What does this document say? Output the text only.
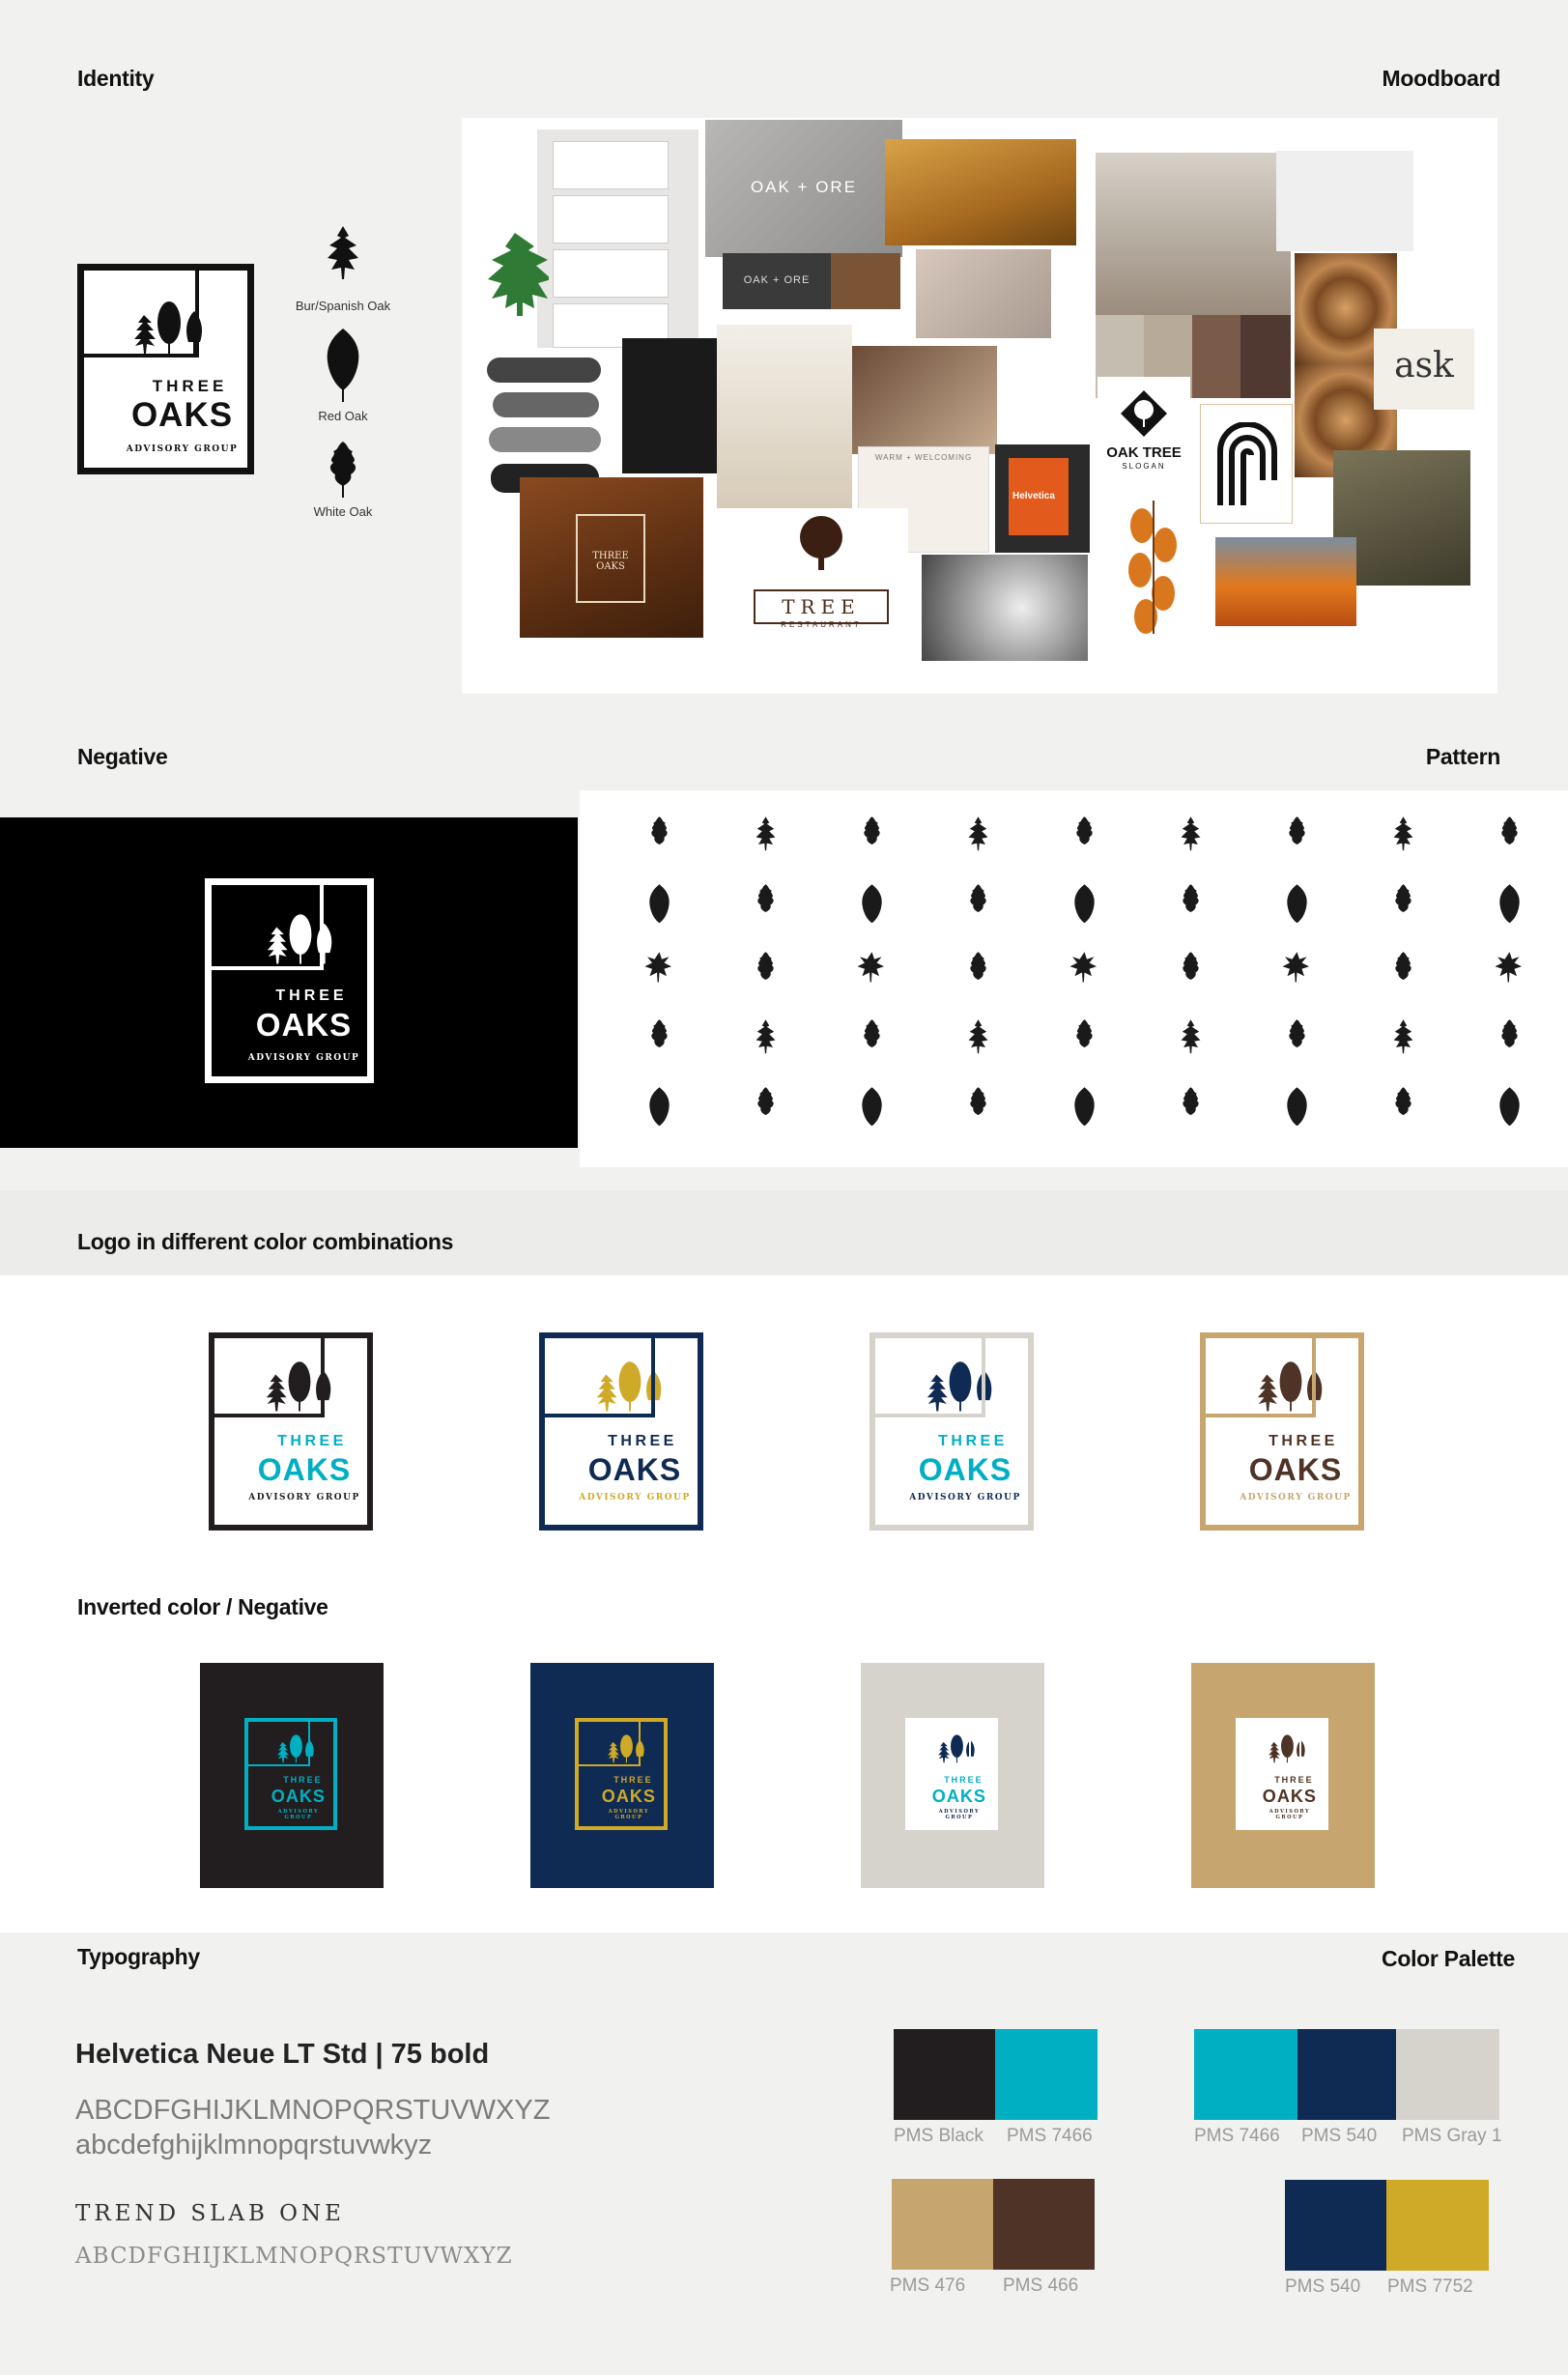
Identity	Moodboard
THREE
OAKS
ADVISORY GROUP
Bur/Spanish Oak
Red Oak
White Oak
OAK + ORE
OAK + ORE
WARM + WELCOMING
THREE OAKS
TREE
RESTAURANT
Helvetica
OAK TREE
SLOGAN
ask
Negative	Pattern
THREE
OAKS
ADVISORY GROUP
Logo in different color combinations
Inverted color / Negative
THREE
OAKS
ADVISORY GROUP
THREE
OAKS
ADVISORY GROUP
THREE
OAKS
ADVISORY GROUP
THREE
OAKS
ADVISORY GROUP
THREE
OAKS
ADVISORY GROUP
THREE
OAKS
ADVISORY GROUP
THREE
OAKS
ADVISORY GROUP
THREE
OAKS
ADVISORY GROUP
Typography	Color Palette
Helvetica Neue LT Std | 75 bold
ABCDFGHIJKLMNOPQRSTUVWXYZ
abcdefghijklmnopqrstuvwkyz
TREND SLAB ONE
ABCDFGHIJKLMNOPQRSTUVWXYZ
PMS Black PMS 7466	PMS 7466 PMS 540 PMS Gray 1
PMS 476 PMS 466	PMS 540 PMS 7752
